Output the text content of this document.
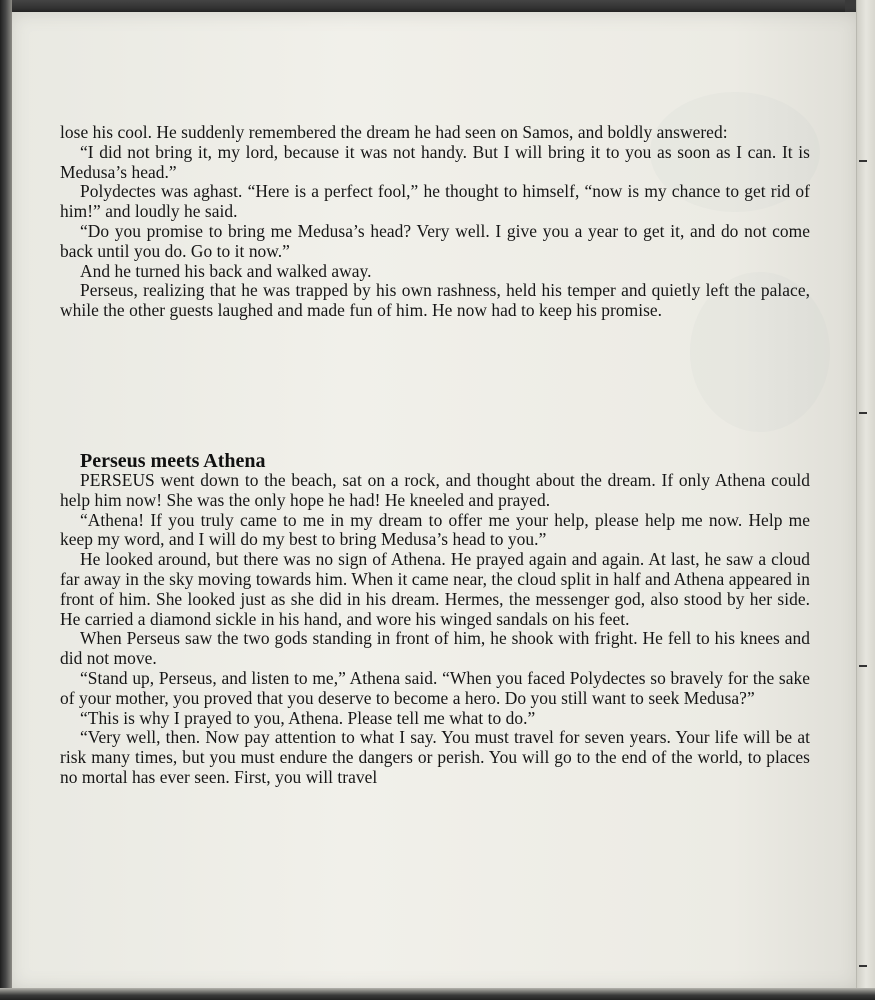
lose his cool. He suddenly remembered the dream he had seen on Samos, and boldly answered:

“I did not bring it, my lord, because it was not handy. But I will bring it to you as soon as I can. It is Medusa’s head.”

Polydectes was aghast. “Here is a perfect fool,” he thought to himself, “now is my chance to get rid of him!” and loudly he said.

“Do you promise to bring me Medusa’s head? Very well. I give you a year to get it, and do not come back until you do. Go to it now.”

And he turned his back and walked away.

Perseus, realizing that he was trapped by his own rashness, held his temper and quietly left the palace, while the other guests laughed and made fun of him. He now had to keep his promise.

Perseus meets Athena

PERSEUS went down to the beach, sat on a rock, and thought about the dream. If only Athena could help him now! She was the only hope he had! He kneeled and prayed.

“Athena! If you truly came to me in my dream to offer me your help, please help me now. Help me keep my word, and I will do my best to bring Medusa’s head to you.”

He looked around, but there was no sign of Athena. He prayed again and again. At last, he saw a cloud far away in the sky moving towards him. When it came near, the cloud split in half and Athena appeared in front of him. She looked just as she did in his dream. Hermes, the messenger god, also stood by her side. He carried a diamond sickle in his hand, and wore his winged sandals on his feet.

When Perseus saw the two gods standing in front of him, he shook with fright. He fell to his knees and did not move.

“Stand up, Perseus, and listen to me,” Athena said. “When you faced Polydectes so bravely for the sake of your mother, you proved that you deserve to become a hero. Do you still want to seek Medusa?”

“This is why I prayed to you, Athena. Please tell me what to do.”

“Very well, then. Now pay attention to what I say. You must travel for seven years. Your life will be at risk many times, but you must endure the dangers or perish. You will go to the end of the world, to places no mortal has ever seen. First, you will travel
